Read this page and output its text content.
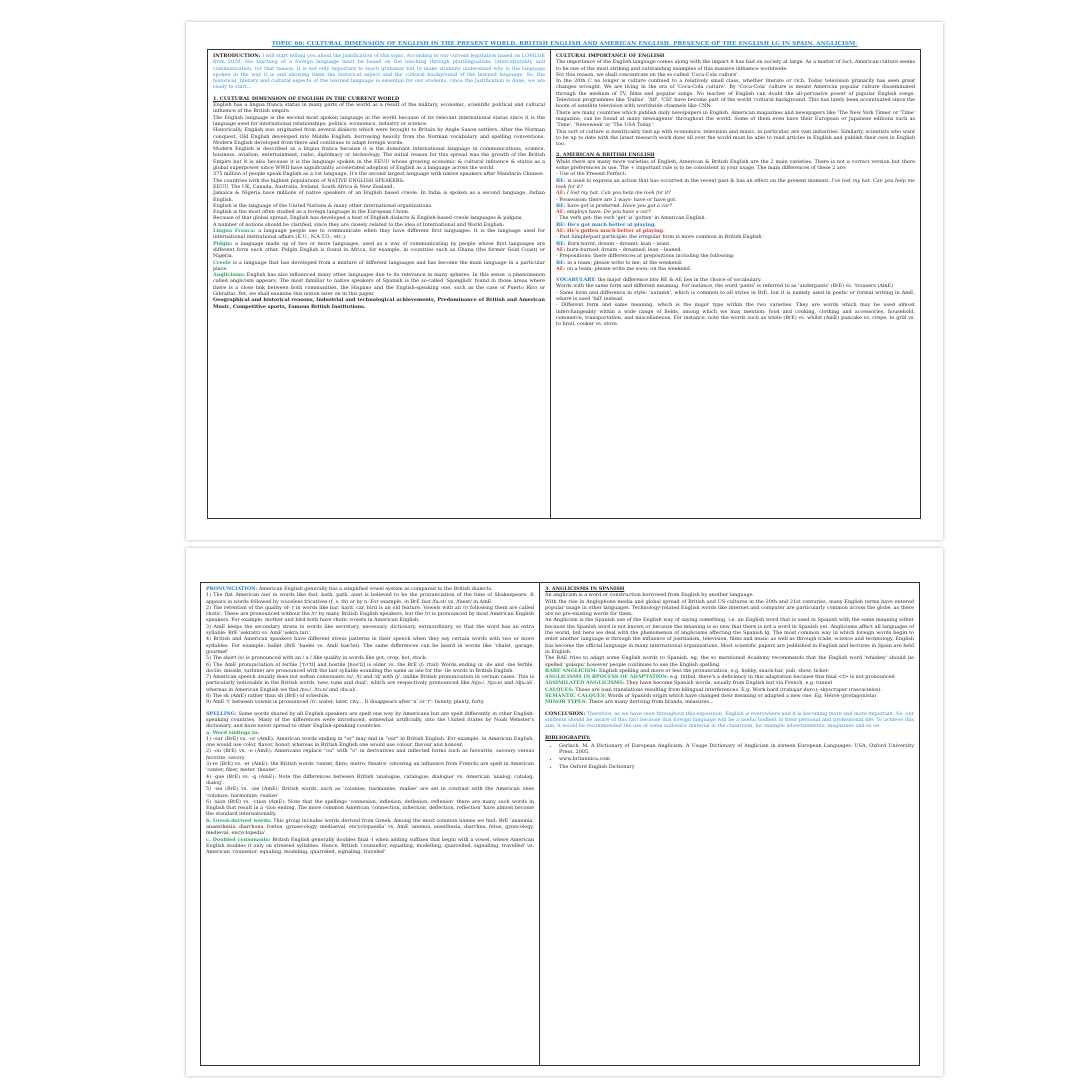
TOPIC 66: CULTURAL DIMENSION OF ENGLISH IN THE PRESENT WORLD. BRITISH ENGLISH AND AMERICAN ENGLISH. PRESENCE OF THE ENGLISH LG IN SPAIN. ANGLICISM.

INTRODUCTION: I will start telling you about the justification of this topic. According to our current legislation based on LOMLOE from 2020, the teaching of a foreign language must be based on the teaching through plurilingualism, interculturality and communication, for that reason, it is not only important to teach grammar but to make students understand why is the language spoken in the way it is and showing them the historical aspect and the cultural background of the learned language. So, the historical, literary and cultural aspects of the learned language is essential for our students. Once the justification is done, we are ready to start...

1. CULTURAL DIMENSION OF ENGLISH IN THE CURRENT WORLD

English has a lingua franca status in many parts of the world as a result of the military, economic, scientific political and cultural influence of the British empire.

The English language is the second most spoken language in the world because of its relevant international status since it is the language used for international relationships: politics, economics, industry or science.

Historically, English was originated from several dialects which were brought to Britain by Angle Saxon settlers. After the Norman conquest, Old English developed into Middle English, borrowing heavily from the Norman vocabulary and spelling conventions. Modern English developed from there and continues to adapt foreign words.

Modern English is described as a lingua franca because it is the dominant international language in communications, science, business, aviation, entertainment, radio, diplomacy or technology. The initial reason for this spread was the growth of the British Empire but it is also because it is the language spoken in the EEUU whose growing economic & cultural influence & status as a global superpower since WWII have significantly accelerated adoption of English as a language across the world.

375 million of people speak English as a 1st language. It's the second largest language with native speakers after Mandarin Chinese.

The countries with the highest populations of NATIVE ENGLISH SPEAKERS:

EEUU, The UK, Canada, Australia, Ireland, South Africa & New Zealand.

Jamaica & Nigeria have millions of native speakers of an English based creole. In India is spoken as a second language, Indian English.

English is the language of the United Nations & many other international organizations.

English is the most often studied as a foreign language in the European Union.

Because of that global spread, English has developed a host of English dialects & English-based creole languages & pidgins.

A number of notions should be clarified, since they are closely related to the idea of International and World English:

Lingua Franca: a language people use to communicate when they have different first languages. It is the language used for international institutional affairs (E.U., N.A.T.O., etc.).

Pidgin: a language made up of two or more languages, used as a way of communicating by people whose first languages are different form each other. Pidgin English is found in Africa, for example, in countries such as Ghana (the former Gold Coast) or Nigeria.

Creole is a language that has developed from a mixture of different languages and has become the main language in a particular place.

Anglicisms: English has also influenced many other languages due to its relevance in many spheres. In this sense, a phenomenon called anglicism appears. The most familiar to native speakers of Spanish is the so-called 'Spanglish' found in those areas where there is a close link between both communities, the Hispano and the English-speaking one, such as the case of Puerto Rico or Gibraltar. Yet, we shall examine this notion later on in this paper.

Geographical and historical reasons, Industrial and technological achievements, Predominance of British and American Music, Competitive sports, Famous British Institutions.

CULTURAL IMPORTANCE OF ENGLISH

The importance of the English language comes along with the impact it has had on society at large. As a matter of fact, American culture seems to be one of the most striking and outstanding examples of this massive influence worldwide.

For this reason, we shall concentrate on the so-called 'Coca-Cola culture'.

In the 20th C no longer is culture confined to a relatively small class, whether literate or rich. Today television primarily has seen great changes wrought. We are living in the era of 'Coca-Cola culture'. By 'Coca-Cola' culture is meant American popular culture disseminated through the medium of TV, films and popular songs. No teacher of English can doubt the all-pervasive power of popular English songs. Television programmes like 'Dallas', 'Alf', 'CSI' have become part of the world 'cultural background. This has lately been accentuated since the boom of satellite television with worldwide channels like CNN.

There are many countries which publish daily newspapers in English. American magazines and newspapers like 'The New York Times' or 'Time' magazine, can be found at many newsagents' throughout the world. Some of them even have their European or Japanese editions such as 'Time', 'Newsweek' or 'The USA Today'.

This sort of culture is inextricably tied up with economics, television and music, in particular, are vast industries. Similarly, scientists who want to be up to date with the latest research work done all over the world must be able to read articles in English and publish their own in English too.

2. AMERICAN & BRITISH ENGLISH

While there are many more varieties of English, American & British English are the 2 main varieties. There is not a correct version but there some preferences in use. The + important rule is to be consistent in your usage. The main differences of these 2 are:

- Use of the Present Perfect:

BE: is used to express an action that has occurred in the recent past & has an effect on the present moment. I've lost my hat. Can you help me look for it?

AE: I lost my hat. Can you help me look for it?

- Possession: there are 2 ways- have or have got.

BE: have got is preferred. Have you got a car?

AE: employs have. Do you have a car?

- The verb get: the verb 'get' is 'gotten' in American English.

BE: He's got much better at playing.

AE: He's gotten much better at playing.

- Past Simple/past participle: the irregular form is more common in British English.

BE: Burn-burnt; dream – dreamt; lean – leant.

AE: burn-burned; dream – dreamed; lean – leaned.

- Prepositions: there differences at prepositions including the following:

BE: in a team; please write to me; at the weekend.

AE: on a team; please write me soon; on the weekend.

VOCABULARY: the major difference btw BE & AE lies in the choice of vocabulary.

Words with the same form and different meaning. For instance, the word 'pants' is referred to as 'underpants' (BrE) vs. 'trousers (AmE)

- Same form and difference in style: 'autumn', which is common to all styles in BrE, but it is namely used in poetic or formal writing in AmE, where is used 'fall' instead.

- Different form and same meaning, which is the major type within the two varieties. They are words which may be used almost interchangeably within a wide range of fields, among which we may mention: food and cooking, clothing and accessories, household, commerce, transportation, and miscellaneous. For instance, note the words such as white (BrE) vs. whilst (AmE) pancake vs. crepe, to grill vs. to broil, cooker vs. stove.

PRONUNCIATION: American English generally has a simplified vowel system as compared to the British dialects.

1) The flat American /ae/ in words like fast, bath, path, aunt is believed to be the pronunciation of the time of Shakespeare. It appears in words followed by voiceless fricatives (f, s, th) or by n. For example, in BrE fast /fa:st/ vs. /faest/ in AmE.

2) The retention of the quality of- r in words like bar, hard, car, bird is an old feature. Vowels with an /r/ following them are called rhotic. These are pronounced without the /r/ by many British English speakers, but the /r/ is pronounced by most American English speakers. For example, mother and bird both have rhotic vowels in American English.

3) AmE keeps the secondary stress in words like secretary, necessary, dictionary, extraordinary. so that the word has an extra syllable: BrE 'sekratri vs. AmE 'sekra,tari'.

4) British and American speakers have different stress patterns in their speech when they say certain words with two or more syllables. For example: ballet (BrE 'baelei vs. AmE bae'lei). The same differences can be heard in words like 'chalet, garage, gourmet'

5) The short /o/ is pronounced with an / a / like quality in words like got, crop, hot, stock.

6) The AmE pronunciation of fertile ['f:r'tl] and hostile [hos'tl] is older vs. the BrE (f: rtail) Words ending in -ile and -ine fertile, docile, missile, turbine) are pronounced with the last syllable sounding the same as isle for the -ile words in British English.

7) American speech usually does not soften consonants /n/, /t/ and /d/ with /j/, unlike British pronunciation in certain cases. This is particularly noticeable in the British words 'new, tune and dual', which are respectively pronounced like /nju:/, /tju:n/ and /dju:al/, whereas in American English we find /nu:/, /tu:n/ and /du:al/.

8) The sk (AmE) rather than sh (BrE) of schedule.

9) AmE 't' between vowels is pronounced /r/: water, later, city... It disappears after 'n' or 'r': twenty, plenty, forty.

SPELLING: Some words shared by all English speakers are spelt one way by Americans but are spelt differently in other English-speaking countries. Many of the differences were introduced, somewhat artificially, into the United States by Noah Webster's dictionary, and have never spread to other English-speaking countries.

a. Word endings in:

1) -our (BrE) vs. -or (AmE): American words ending in "or" may end in "our" in British English. For example, in American English, one would use color, flavor, honor, whereas in British English one would use colour, flavour and honour.

2) -ou (BrE) vs. -o (AmE): Americans replace "ou" with "o" in derivatives and inflected forms such as favourite, savoury versus favorite, savory.

3)-re (BrE) vs. -er (AmE): the British words 'center, fibre, metre, theatre' (showing an influence from French) are spelt in American 'center, fiber, meter, theater'.

4) -gue (BrE) vs. -g (AmE): Note the differences between British 'analogue, catalogue, dialogue' vs. American 'analog, catalog, dialog'.

5) -ise (BrE) vs. -ize (AmE): British words, such as 'colonise, harmonise, realise' are set in contrast with the American ones 'colonize, harmonize, realize'

6) -xion (BrE) vs. -ction (AmE): Note that the spellings 'connexion, inflexion, deflexion, reflexion' there are many such words in English that result in a -tion ending. The more common American 'connection, inflection, deflection, reflection' have almost become the standard internationally.

b. Greek-derived words: This group includes words derived from Greek. Among the most common names we find: BrE 'anaemia, anaesthesia, diarrhoea, foetus, gynaecology, mediaeval, encyclopaedia' vs. AmE 'anemia, anesthesia, diarrhea, fetus, gynecology, medieval, encyclopedia'.

c. Doubled consonants: British English generally doubles final -l when adding suffixes that begin with a vowel, where American English doubles it only on stressed syllables. Hence, British 'counsellor, equalling, modelling, quarrelled, signalling, travelled' vs. American 'counselor, equaling, modeling, quarreled, signaling, traveled'

3. ANGLICISMS IN SPANISH

An anglicism is a word or construction borrowed from English by another language.

With the rise in Anglophone media and global spread of British and US cultures in the 20th and 21st centuries, many English terms have entered popular usage in other languages. Technology-related English words like internet and computer are particularly common across the globe, as there are no pre-existing words for them.

An Anglicism is the Spanish use of the English way of saying something, i.e. an English word that is used in Spanish with the same meaning either because the Spanish word is not known or because the meaning is so new that there is not a word in Spanish yet. Anglicisms affect all languages of the world, but here we deal with the phenomenon of anglicisms affecting the Spanish lg. The most common way in which foreign words begin to enter another language is through the influence of journalism, television, films and music as well as through trade, science and technology. English has become the official language in many international organizations. Most scientific papers are published in English and lectures in Spain are held in English.

The RAE tries to adapt some English words to Spanish. eg. the so mentioned Academy recommends that the English word 'whiskey' should be spelled 'guisqui' however people continues to use the English spelling.

RARE ANGLICISM: English spelling and more or less the pronunciation, e.g. hobby, snack-bar, pub, show, ticket-

ANGLICISMS IN RPOCESS OF ADAPTATION: e.g. fútbol, there's a deficiency in this adaptation because this final <t> is not pronounced

ASSIMILATED ANGLICISMS: They have become Spanish words, usually from English but via French, e.g. tunnel

CALQUES: These are loan translations resulting from bilingual interferences. E.g. Work hard (trabajar duro); skyscraper (rascacielos).

SEMANTIC CALQUES: Words of Spanish origin which have changed their meaning or adapted a new one. Eg. Héroe (protagonista)

MINOR TYPES: There are many deriving from brands, measures...

CONCLUSION: Therefore, as we have seen throughout this exposition, English is everywhere and it is becoming more and more important. So, our students should be aware of this fact because this foreign language will be a useful toolbelt in their personal and professional life. To achieve this aim, it would be recommended the use of some authentic material in the classroom, for example advertisements, magazines and so on.

BIBLIOGRAPHY:

• Gorlach, M. A Dictionary of European Anglicism. A Usage Dictionary of Anglicism in sixteen European Languages. USA, Oxford University Press. 2005.
• www.britannica.com
• The Oxford English Dictionary
